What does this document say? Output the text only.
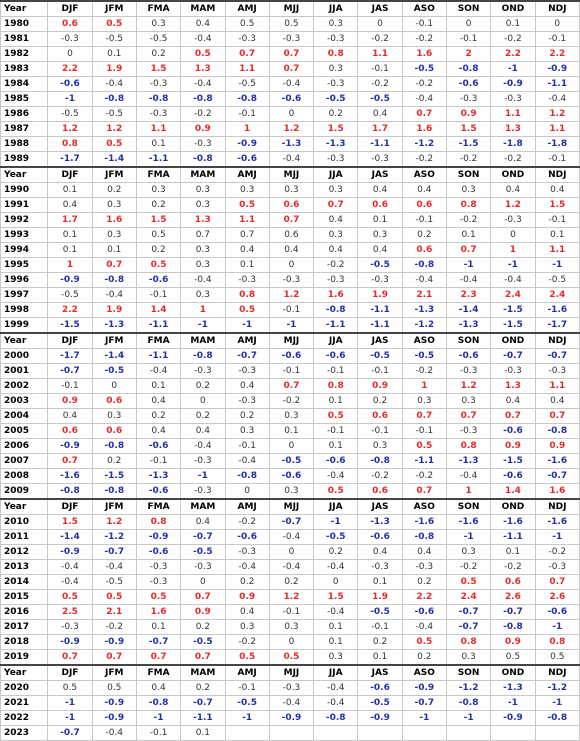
Year	DJF	JFM	FMA	MAM	AMJ	MJJ	JJA	JAS	ASO	SON	OND	NDJ
1980	0.6	0.5	0.3	0.4	0.5	0.5	0.3	0	-0.1	0	0.1	0
1981	-0.3	-0.5	-0.5	-0.4	-0.3	-0.3	-0.3	-0.2	-0.2	-0.1	-0.2	-0.1
1982	0	0.1	0.2	0.5	0.7	0.7	0.8	1.1	1.6	2	2.2	2.2
1983	2.2	1.9	1.5	1.3	1.1	0.7	0.3	-0.1	-0.5	-0.8	-1	-0.9
1984	-0.6	-0.4	-0.3	-0.4	-0.5	-0.4	-0.3	-0.2	-0.2	-0.6	-0.9	-1.1
1985	-1	-0.8	-0.8	-0.8	-0.8	-0.6	-0.5	-0.5	-0.4	-0.3	-0.3	-0.4
1986	-0.5	-0.5	-0.3	-0.2	-0.1	0	0.2	0.4	0.7	0.9	1.1	1.2
1987	1.2	1.2	1.1	0.9	1	1.2	1.5	1.7	1.6	1.5	1.3	1.1
1988	0.8	0.5	0.1	-0.3	-0.9	-1.3	-1.3	-1.1	-1.2	-1.5	-1.8	-1.8
1989	-1.7	-1.4	-1.1	-0.8	-0.6	-0.4	-0.3	-0.3	-0.2	-0.2	-0.2	-0.1
Year	DJF	JFM	FMA	MAM	AMJ	MJJ	JJA	JAS	ASO	SON	OND	NDJ
1990	0.1	0.2	0.3	0.3	0.3	0.3	0.3	0.4	0.4	0.3	0.4	0.4
1991	0.4	0.3	0.2	0.3	0.5	0.6	0.7	0.6	0.6	0.8	1.2	1.5
1992	1.7	1.6	1.5	1.3	1.1	0.7	0.4	0.1	-0.1	-0.2	-0.3	-0.1
1993	0.1	0.3	0.5	0.7	0.7	0.6	0.3	0.3	0.2	0.1	0	0.1
1994	0.1	0.1	0.2	0.3	0.4	0.4	0.4	0.4	0.6	0.7	1	1.1
1995	1	0.7	0.5	0.3	0.1	0	-0.2	-0.5	-0.8	-1	-1	-1
1996	-0.9	-0.8	-0.6	-0.4	-0.3	-0.3	-0.3	-0.3	-0.4	-0.4	-0.4	-0.5
1997	-0.5	-0.4	-0.1	0.3	0.8	1.2	1.6	1.9	2.1	2.3	2.4	2.4
1998	2.2	1.9	1.4	1	0.5	-0.1	-0.8	-1.1	-1.3	-1.4	-1.5	-1.6
1999	-1.5	-1.3	-1.1	-1	-1	-1	-1.1	-1.1	-1.2	-1.3	-1.5	-1.7
Year	DJF	JFM	FMA	MAM	AMJ	MJJ	JJA	JAS	ASO	SON	OND	NDJ
2000	-1.7	-1.4	-1.1	-0.8	-0.7	-0.6	-0.6	-0.5	-0.5	-0.6	-0.7	-0.7
2001	-0.7	-0.5	-0.4	-0.3	-0.3	-0.1	-0.1	-0.1	-0.2	-0.3	-0.3	-0.3
2002	-0.1	0	0.1	0.2	0.4	0.7	0.8	0.9	1	1.2	1.3	1.1
2003	0.9	0.6	0.4	0	-0.3	-0.2	0.1	0.2	0.3	0.3	0.4	0.4
2004	0.4	0.3	0.2	0.2	0.2	0.3	0.5	0.6	0.7	0.7	0.7	0.7
2005	0.6	0.6	0.4	0.4	0.3	0.1	-0.1	-0.1	-0.1	-0.3	-0.6	-0.8
2006	-0.9	-0.8	-0.6	-0.4	-0.1	0	0.1	0.3	0.5	0.8	0.9	0.9
2007	0.7	0.2	-0.1	-0.3	-0.4	-0.5	-0.6	-0.8	-1.1	-1.3	-1.5	-1.6
2008	-1.6	-1.5	-1.3	-1	-0.8	-0.6	-0.4	-0.2	-0.2	-0.4	-0.6	-0.7
2009	-0.8	-0.8	-0.6	-0.3	0	0.3	0.5	0.6	0.7	1	1.4	1.6
Year	DJF	JFM	FMA	MAM	AMJ	MJJ	JJA	JAS	ASO	SON	OND	NDJ
2010	1.5	1.2	0.8	0.4	-0.2	-0.7	-1	-1.3	-1.6	-1.6	-1.6	-1.6
2011	-1.4	-1.2	-0.9	-0.7	-0.6	-0.4	-0.5	-0.6	-0.8	-1	-1.1	-1
2012	-0.9	-0.7	-0.6	-0.5	-0.3	0	0.2	0.4	0.4	0.3	0.1	-0.2
2013	-0.4	-0.4	-0.3	-0.3	-0.4	-0.4	-0.4	-0.3	-0.3	-0.2	-0.2	-0.3
2014	-0.4	-0.5	-0.3	0	0.2	0.2	0	0.1	0.2	0.5	0.6	0.7
2015	0.5	0.5	0.5	0.7	0.9	1.2	1.5	1.9	2.2	2.4	2.6	2.6
2016	2.5	2.1	1.6	0.9	0.4	-0.1	-0.4	-0.5	-0.6	-0.7	-0.7	-0.6
2017	-0.3	-0.2	0.1	0.2	0.3	0.3	0.1	-0.1	-0.4	-0.7	-0.8	-1
2018	-0.9	-0.9	-0.7	-0.5	-0.2	0	0.1	0.2	0.5	0.8	0.9	0.8
2019	0.7	0.7	0.7	0.7	0.5	0.5	0.3	0.1	0.2	0.3	0.5	0.5
Year	DJF	JFM	FMA	MAM	AMJ	MJJ	JJA	JAS	ASO	SON	OND	NDJ
2020	0.5	0.5	0.4	0.2	-0.1	-0.3	-0.4	-0.6	-0.9	-1.2	-1.3	-1.2
2021	-1	-0.9	-0.8	-0.7	-0.5	-0.4	-0.4	-0.5	-0.7	-0.8	-1	-1
2022	-1	-0.9	-1	-1.1	-1	-0.9	-0.8	-0.9	-1	-1	-0.9	-0.8
2023	-0.7	-0.4	-0.1	0.1								
